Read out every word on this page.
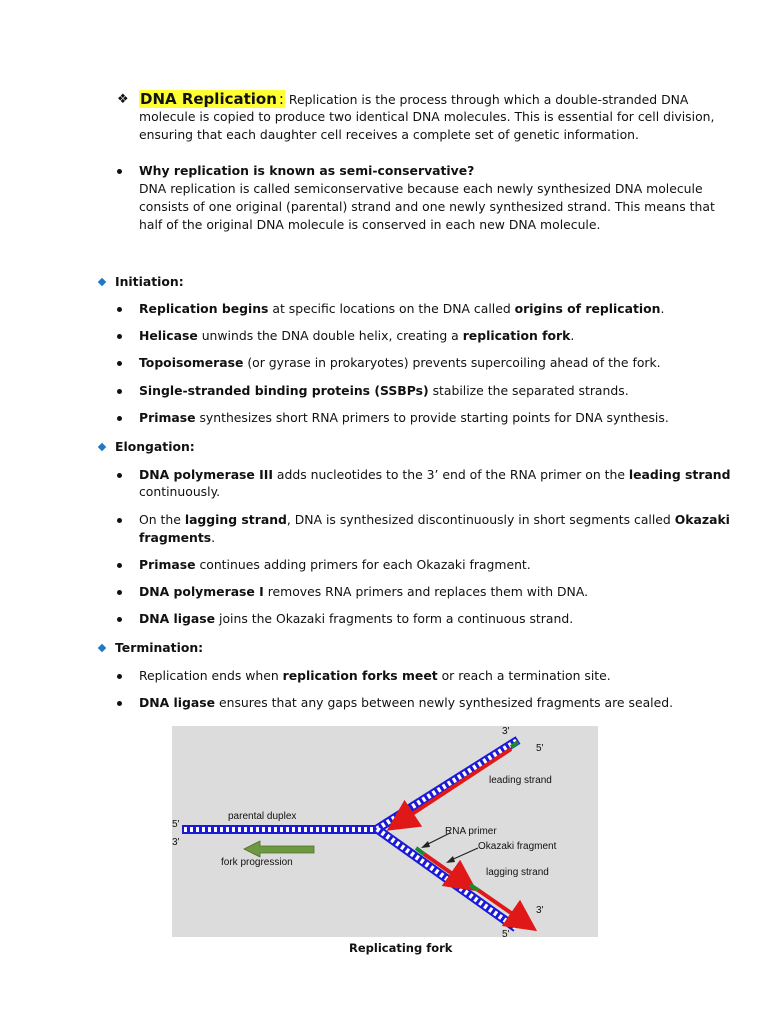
❖ DNA Replication : Replication is the process through which a double-stranded DNA
molecule is copied to produce two identical DNA molecules. This is essential for cell division,
ensuring that each daughter cell receives a complete set of genetic information.
Why replication is known as semi-conservative?
DNA replication is called semiconservative because each newly synthesized DNA molecule
consists of one original (parental) strand and one newly synthesized strand. This means that
half of the original DNA molecule is conserved in each new DNA molecule.
Initiation:
Replication begins at specific locations on the DNA called origins of replication.
Helicase unwinds the DNA double helix, creating a replication fork.
Topoisomerase (or gyrase in prokaryotes) prevents supercoiling ahead of the fork.
Single-stranded binding proteins (SSBPs) stabilize the separated strands.
Primase synthesizes short RNA primers to provide starting points for DNA synthesis.
Elongation:
DNA polymerase III adds nucleotides to the 3’ end of the RNA primer on the leading strand
continuously.
On the lagging strand, DNA is synthesized discontinuously in short segments called Okazaki
fragments.
Primase continues adding primers for each Okazaki fragment.
DNA polymerase I removes RNA primers and replaces them with DNA.
DNA ligase joins the Okazaki fragments to form a continuous strand.
Termination:
Replication ends when replication forks meet or reach a termination site.
DNA ligase ensures that any gaps between newly synthesized fragments are sealed.
parental duplex
fork progression
leading strand
lagging strand
RNA primer
Okazaki fragment
5'
3'
3'
5'
3'
5'
Replicating fork
